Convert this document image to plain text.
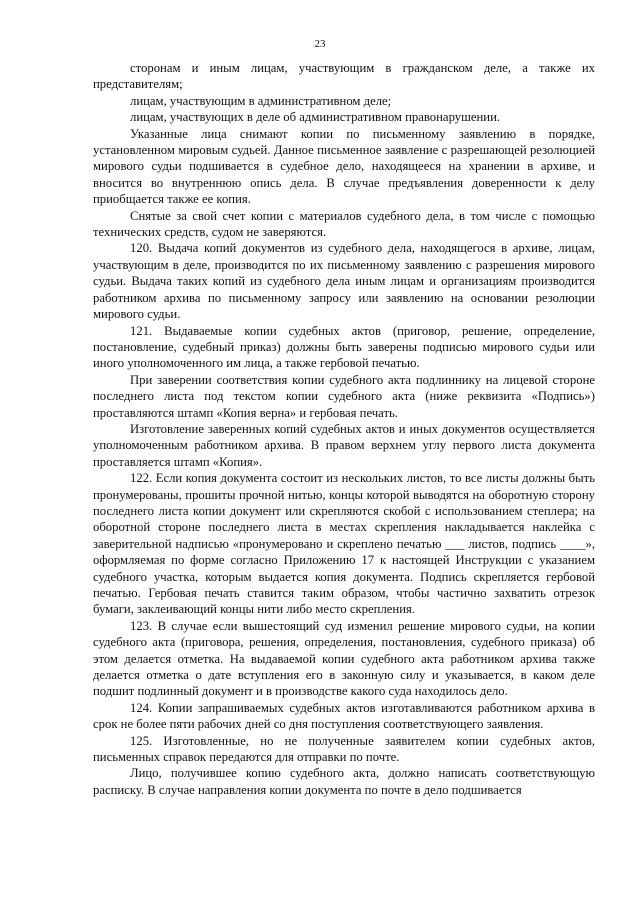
23

сторонам и иным лицам, участвующим в гражданском деле, а также их представителям;

лицам, участвующим в административном деле;

лицам, участвующих в деле об административном правонарушении.

Указанные лица снимают копии по письменному заявлению в порядке, установленном мировым судьей. Данное письменное заявление с разрешающей резолюцией мирового судьи подшивается в судебное дело, находящееся на хранении в архиве, и вносится во внутреннюю опись дела. В случае предъявления доверенности к делу приобщается также ее копия.

Снятые за свой счет копии с материалов судебного дела, в том числе с помощью технических средств, судом не заверяются.

120. Выдача копий документов из судебного дела, находящегося в архиве, лицам, участвующим в деле, производится по их письменному заявлению с разрешения мирового судьи. Выдача таких копий из судебного дела иным лицам и организациям производится работником архива по письменному запросу или заявлению на основании резолюции мирового судьи.

121. Выдаваемые копии судебных актов (приговор, решение, определение, постановление, судебный приказ) должны быть заверены подписью мирового судьи или иного уполномоченного им лица, а также гербовой печатью.

При заверении соответствия копии судебного акта подлиннику на лицевой стороне последнего листа под текстом копии судебного акта (ниже реквизита «Подпись») проставляются штамп «Копия верна» и гербовая печать.

Изготовление заверенных копий судебных актов и иных документов осуществляется уполномоченным работником архива. В правом верхнем углу первого листа документа проставляется штамп «Копия».

122. Если копия документа состоит из нескольких листов, то все листы должны быть пронумерованы, прошиты прочной нитью, концы которой выводятся на оборотную сторону последнего листа копии документ или скрепляются скобой с использованием степлера; на оборотной стороне последнего листа в местах скрепления накладывается наклейка с заверительной надписью «пронумеровано и скреплено печатью ___ листов, подпись ____», оформляемая по форме согласно Приложению 17 к настоящей Инструкции с указанием судебного участка, которым выдается копия документа. Подпись скрепляется гербовой печатью. Гербовая печать ставится таким образом, чтобы частично захватить отрезок бумаги, заклеивающий концы нити либо место скрепления.

123. В случае если вышестоящий суд изменил решение мирового судьи, на копии судебного акта (приговора, решения, определения, постановления, судебного приказа) об этом делается отметка. На выдаваемой копии судебного акта работником архива также делается отметка о дате вступления его в законную силу и указывается, в каком деле подшит подлинный документ и в производстве какого суда находилось дело.

124. Копии запрашиваемых судебных актов изготавливаются работником архива в срок не более пяти рабочих дней со дня поступления соответствующего заявления.

125. Изготовленные, но не полученные заявителем копии судебных актов, письменных справок передаются для отправки по почте.

Лицо, получившее копию судебного акта, должно написать соответствующую расписку. В случае направления копии документа по почте в дело подшивается
